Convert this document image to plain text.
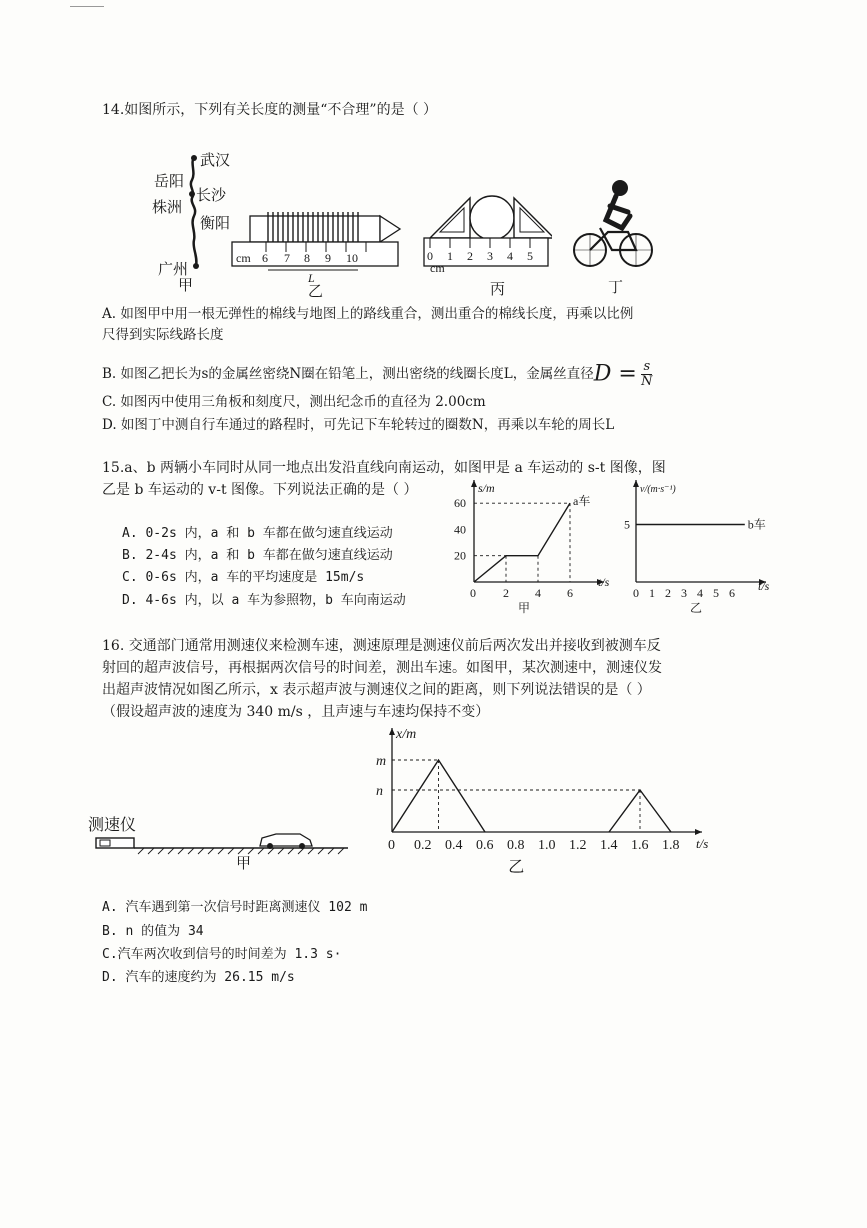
14.如图所示，下列有关长度的测量“不合理”的是（ ）
武汉
岳阳
长沙
株洲
衡阳
广州
甲
cm 6 7 8 9 10
L
乙
0 1 2 3 4 5
cm
丙	丁
A. 如图甲中用一根无弹性的棉线与地图上的路线重合，测出重合的棉线长度，再乘以比例
尺得到实际线路长度
B. 如图乙把长为s的金属丝密绕N圈在铅笔上，测出密绕的线圈长度L，金属丝直径$D = \frac{s}{N}$
C. 如图丙中使用三角板和刻度尺，测出纪念币的直径为 2.00cm
D. 如图丁中测自行车通过的路程时，可先记下车轮转过的圈数N，再乘以车轮的周长L
15.a、b 两辆小车同时从同一地点出发沿直线向南运动，如图甲是 a 车运动的 s-t 图像，图
乙是 b 车运动的 v-t 图像。下列说法正确的是（ ）
A. 0-2s 内，a 和 b 车都在做匀速直线运动
B. 2-4s 内，a 和 b 车都在做匀速直线运动
C. 0-6s 内，a 车的平均速度是 15m/s
D. 4-6s 内，以 a 车为参照物，b 车向南运动
s/m
t/s
0 2 4 6
20
40
60	a车
甲
v/(m·s⁻¹)
t/s
0 1 2 3 4 5 6
5	b车
乙
16. 交通部门通常用测速仪来检测车速，测速原理是测速仪前后两次发出并接收到被测车反
射回的超声波信号，再根据两次信号的时间差，测出车速。如图甲，某次测速中，测速仪发
出超声波情况如图乙所示，x 表示超声波与测速仪之间的距离，则下列说法错误的是（ ）
（假设超声波的速度为 340 m/s ，且声速与车速均保持不变）
测速仪
甲
x/m
t/s
0 0.2 0.4 0.6 0.8 1.0 1.2 1.4 1.6 1.8
m
n
乙
A. 汽车遇到第一次信号时距离测速仪 102 m
B. n 的值为 34
C.汽车两次收到信号的时间差为 1.3 s·
D. 汽车的速度约为 26.15 m/s
